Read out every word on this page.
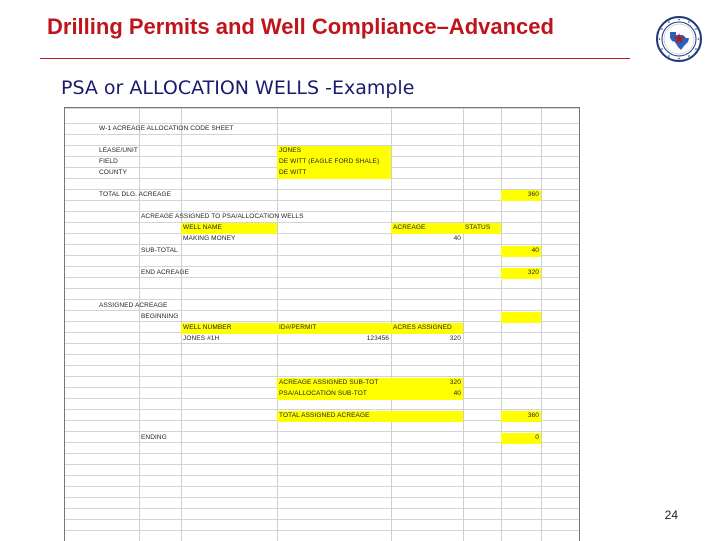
Drilling Permits and Well Compliance–Advanced
PSA or ALLOCATION WELLS -Example
W-1 ACREAGE ALLOCATION CODE SHEET
LEASE/UNIT	JONES
FIELD	DE WITT (EAGLE FORD SHALE)
COUNTY	DE WITT
TOTAL DLG. ACREAGE	360
ACREAGE ASSIGNED TO PSA/ALLOCATION WELLS
WELL NAME	ACREAGE	STATUS
MAKING MONEY	40
SUB-TOTAL	40
END ACREAGE	320
ASSIGNED ACREAGE
BEGINNING
WELL NUMBER	ID#/PERMIT	ACRES ASSIGNED
JONES #1H	123456	320
ACREAGE ASSIGNED SUB-TOT	320
PSA/ALLOCATION SUB-TOT	40
TOTAL ASSIGNED ACREAGE	360
ENDING	0
24
